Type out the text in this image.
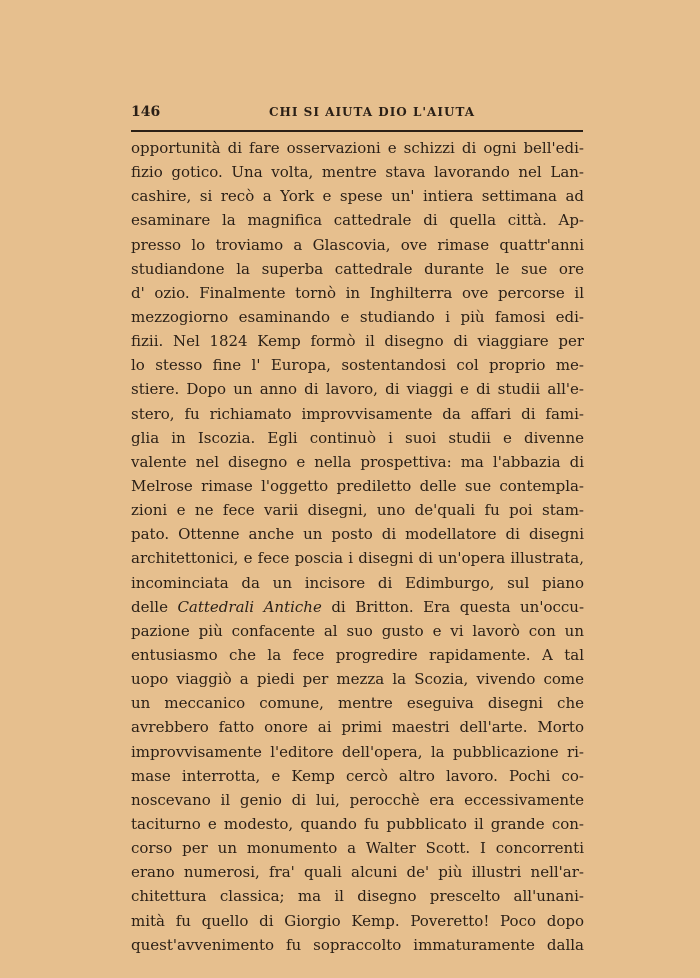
146	CHI SI AIUTA DIO L'AIUTA
opportunità di fare osservazioni e schizzi di ogni bell'edi-
fizio gotico. Una volta, mentre stava lavorando nel Lan-
cashire, si recò a York e spese un' intiera settimana ad
esaminare la magnifica cattedrale di quella città. Ap-
presso lo troviamo a Glascovia, ove rimase quattr'anni
studiandone la superba cattedrale durante le sue ore
d' ozio. Finalmente tornò in Inghilterra ove percorse il
mezzogiorno esaminando e studiando i più famosi edi-
fizii. Nel 1824 Kemp formò il disegno di viaggiare per
lo stesso fine l' Europa, sostentandosi col proprio me-
stiere. Dopo un anno di lavoro, di viaggi e di studii all'e-
stero, fu richiamato improvvisamente da affari di fami-
glia in Iscozia. Egli continuò i suoi studii e divenne
valente nel disegno e nella prospettiva: ma l'abbazia di
Melrose rimase l'oggetto prediletto delle sue contempla-
zioni e ne fece varii disegni, uno de'quali fu poi stam-
pato. Ottenne anche un posto di modellatore di disegni
architettonici, e fece poscia i disegni di un'opera illustrata,
incominciata da un incisore di Edimburgo, sul piano
delle Cattedrali Antiche di Britton. Era questa un'occu-
pazione più confacente al suo gusto e vi lavorò con un
entusiasmo che la fece progredire rapidamente. A tal
uopo viaggiò a piedi per mezza la Scozia, vivendo come
un meccanico comune, mentre eseguiva disegni che
avrebbero fatto onore ai primi maestri dell'arte. Morto
improvvisamente l'editore dell'opera, la pubblicazione ri-
mase interrotta, e Kemp cercò altro lavoro. Pochi co-
noscevano il genio di lui, perocchè era eccessivamente
taciturno e modesto, quando fu pubblicato il grande con-
corso per un monumento a Walter Scott. I concorrenti
erano numerosi, fra' quali alcuni de' più illustri nell'ar-
chitettura classica; ma il disegno prescelto all'unani-
mità fu quello di Giorgio Kemp. Poveretto! Poco dopo
quest'avvenimento fu sopraccolto immaturamente dalla
